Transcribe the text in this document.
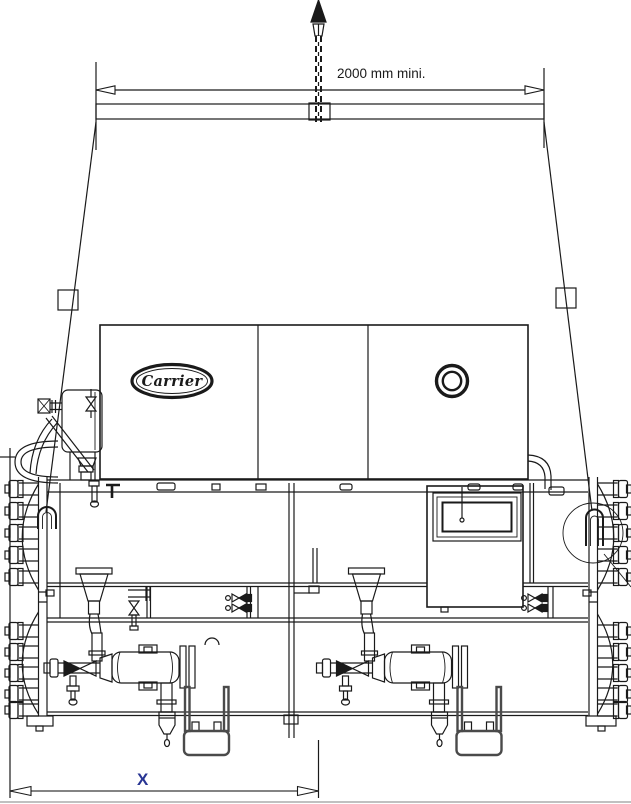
2000 mm mini.
Carrier
X
